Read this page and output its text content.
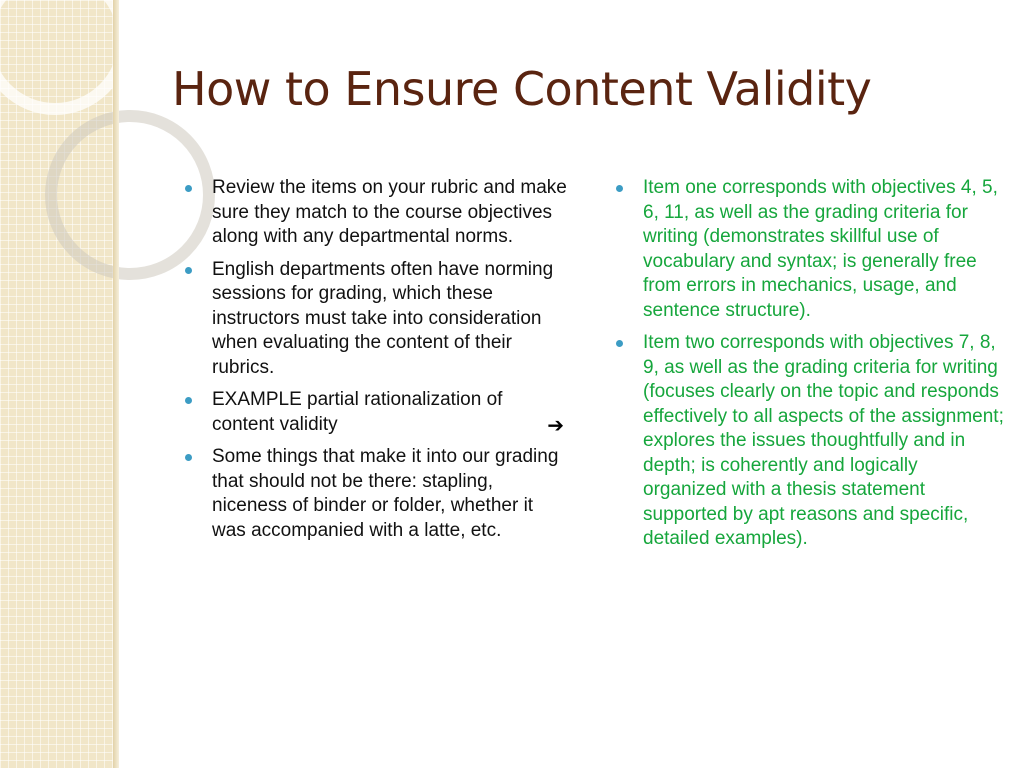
How to Ensure Content Validity
Review the items on your rubric and make sure they match to the course objectives along with any departmental norms.
English departments often have norming sessions for grading, which these instructors must take into consideration when evaluating the content of their rubrics.
EXAMPLE partial rationalization of content validity	➔
Some things that make it into our grading that should not be there: stapling, niceness of binder or folder, whether it was accompanied with a latte, etc.
Item one corresponds with objectives 4, 5, 6, 11, as well as the grading criteria for writing (demonstrates skillful use of vocabulary and syntax; is generally free from errors in mechanics, usage, and sentence structure).
Item two corresponds with objectives 7, 8, 9, as well as the grading criteria for writing (focuses clearly on the topic and responds effectively to all aspects of the assignment; explores the issues thoughtfully and in depth; is coherently and logically organized with a thesis statement supported by apt reasons and specific, detailed examples).
